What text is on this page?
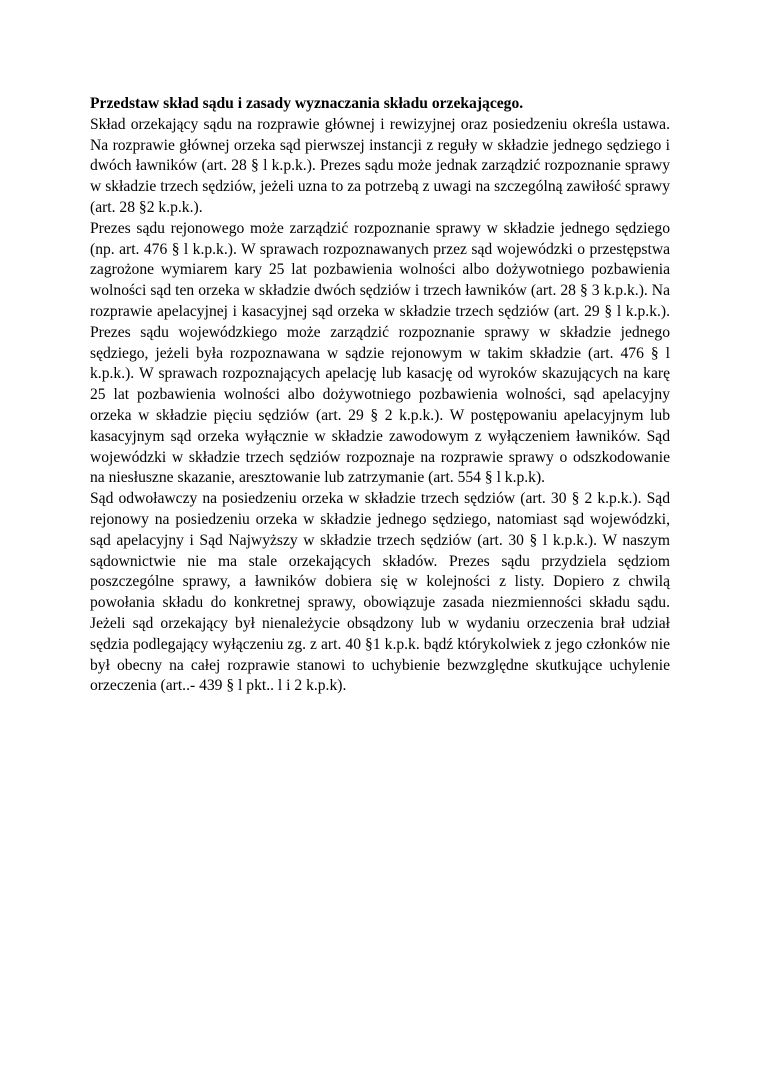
Przedstaw skład sądu i zasady wyznaczania składu orzekającego.

Skład orzekający sądu na rozprawie głównej i rewizyjnej oraz posiedzeniu określa ustawa. Na rozprawie głównej orzeka sąd pierwszej instancji z reguły w składzie jednego sędziego i dwóch ławników (art. 28 § l k.p.k.). Prezes sądu może jednak zarządzić rozpoznanie sprawy w składzie trzech sędziów, jeżeli uzna to za potrzebą z uwagi na szczególną zawiłość sprawy (art. 28 §2 k.p.k.).

Prezes sądu rejonowego może zarządzić rozpoznanie sprawy w składzie jednego sędziego (np. art. 476 § l k.p.k.). W sprawach rozpoznawanych przez sąd wojewódzki o przestępstwa zagrożone wymiarem kary 25 lat pozbawienia wolności albo dożywotniego pozbawienia wolności sąd ten orzeka w składzie dwóch sędziów i trzech ławników (art. 28 § 3 k.p.k.). Na rozprawie apelacyjnej i kasacyjnej sąd orzeka w składzie trzech sędziów (art. 29 § l k.p.k.). Prezes sądu wojewódzkiego może zarządzić rozpoznanie sprawy w składzie jednego sędziego, jeżeli była rozpoznawana w sądzie rejonowym w takim składzie (art. 476 § l k.p.k.). W sprawach rozpoznających apelację lub kasację od wyroków skazujących na karę 25 lat pozbawienia wolności albo dożywotniego pozbawienia wolności, sąd apelacyjny orzeka w składzie pięciu sędziów (art. 29 § 2 k.p.k.). W postępowaniu apelacyjnym lub kasacyjnym sąd orzeka wyłącznie w składzie zawodowym z wyłączeniem ławników. Sąd wojewódzki w składzie trzech sędziów rozpoznaje na rozprawie sprawy o odszkodowanie na niesłuszne skazanie, aresztowanie lub zatrzymanie (art. 554 § l k.p.k).

Sąd odwoławczy na posiedzeniu orzeka w składzie trzech sędziów (art. 30 § 2 k.p.k.). Sąd rejonowy na posiedzeniu orzeka w składzie jednego sędziego, natomiast sąd wojewódzki, sąd apelacyjny i Sąd Najwyższy w składzie trzech sędziów (art. 30 § l k.p.k.). W naszym sądownictwie nie ma stale orzekających składów. Prezes sądu przydziela sędziom poszczególne sprawy, a ławników dobiera się w kolejności z listy. Dopiero z chwilą powołania składu do konkretnej sprawy, obowiązuje zasada niezmienności składu sądu. Jeżeli sąd orzekający był nienależycie obsądzony lub w wydaniu orzeczenia brał udział sędzia podlegający wyłączeniu zg. z art. 40 §1 k.p.k. bądź którykolwiek z jego członków nie był obecny na całej rozprawie stanowi to uchybienie bezwzględne skutkujące uchylenie orzeczenia (art..- 439 § l pkt.. l i 2 k.p.k).
